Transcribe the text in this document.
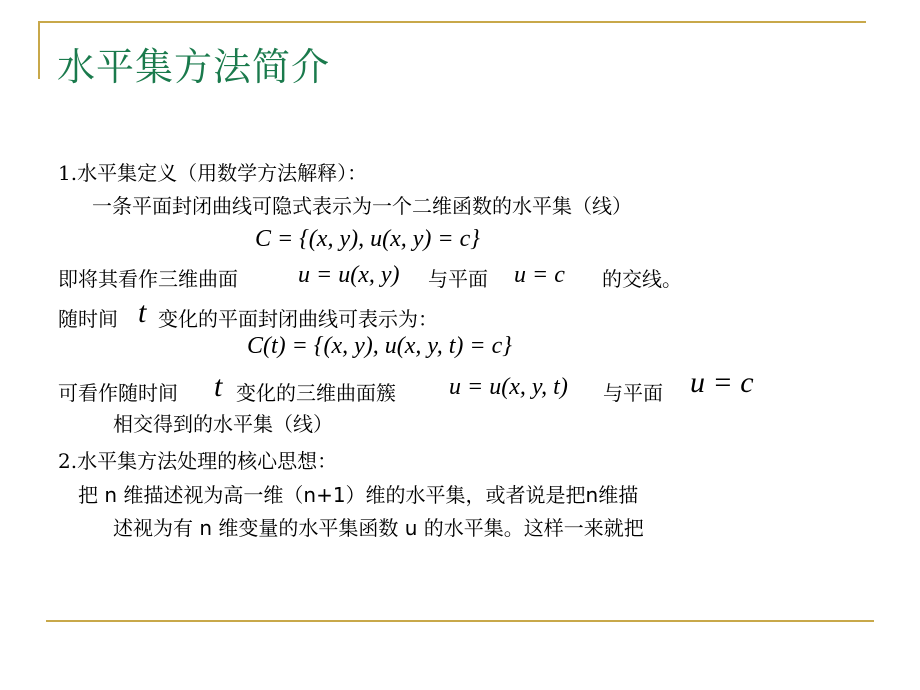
水平集方法简介
1.水平集定义（用数学方法解释）：
一条平面封闭曲线可隐式表示为一个二维函数的水平集（线）
C = {(x, y), u(x, y) = c}
即将其看作三维曲面	u = u(x, y) 与平面 u = c 的交线。
随时间 t 变化的平面封闭曲线可表示为：
C(t) = {(x, y), u(x, y, t) = c}
可看作随时间 t 变化的三维曲面簇 u = u(x, y, t) 与平面 u = c
相交得到的水平集（线）
2.水平集方法处理的核心思想：
把 n 维描述视为高一维（n+1）维的水平集，或者说是把n维描
述视为有 n 维变量的水平集函数 u 的水平集。这样一来就把
